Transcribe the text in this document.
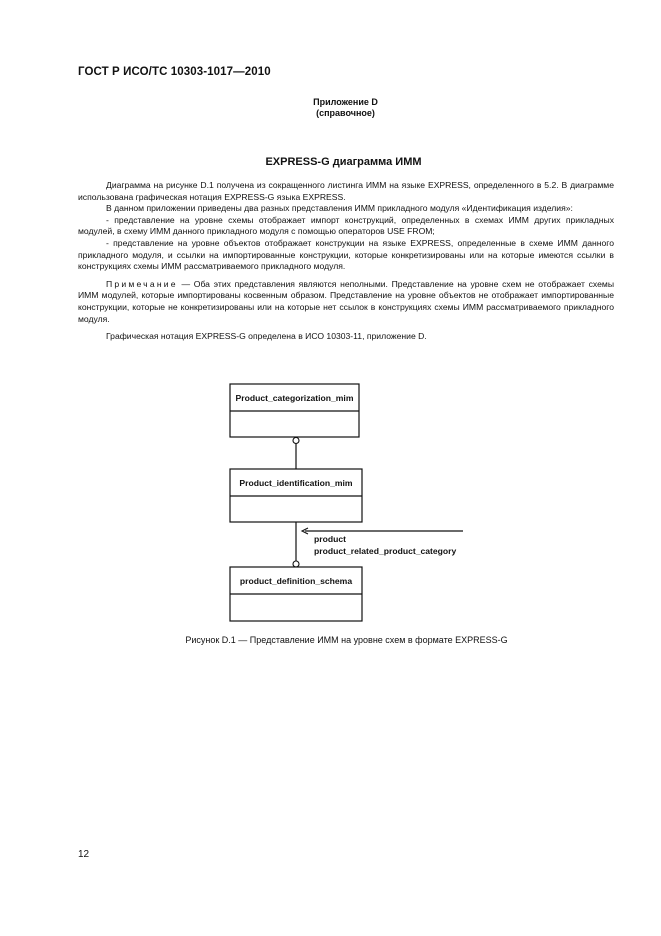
ГОСТ Р ИСО/ТС 10303-1017—2010
Приложение D
(справочное)
EXPRESS-G диаграмма ИММ

Диаграмма на рисунке D.1 получена из сокращенного листинга ИММ на языке EXPRESS, определенного в 5.2. В диаграмме использована графическая нотация EXPRESS-G языка EXPRESS.

В данном приложении приведены два разных представления ИММ прикладного модуля «Идентификация изделия»:

- представление на уровне схемы отображает импорт конструкций, определенных в схемах ИММ других прикладных модулей, в схему ИММ данного прикладного модуля с помощью операторов USE FROM;

- представление на уровне объектов отображает конструкции на языке EXPRESS, определенные в схеме ИММ данного прикладного модуля, и ссылки на импортированные конструкции, которые конкретизированы или на которые имеются ссылки в конструкциях схемы ИММ рассматриваемого прикладного модуля.

Примечание — Оба этих представления являются неполными. Представление на уровне схем не отображает схемы ИММ модулей, которые импортированы косвенным образом. Представление на уровне объектов не отображает импортированные конструкции, которые не конкретизированы или на которые нет ссылок в конструкциях схемы ИММ рассматриваемого прикладного модуля.

Графическая нотация EXPRESS-G определена в ИСО 10303-11, приложение D.

Product_categorization_mim
Product_identification_mim
product
product_related_product_category
product_definition_schema
Рисунок D.1 — Представление ИММ на уровне схем в формате EXPRESS-G
12
